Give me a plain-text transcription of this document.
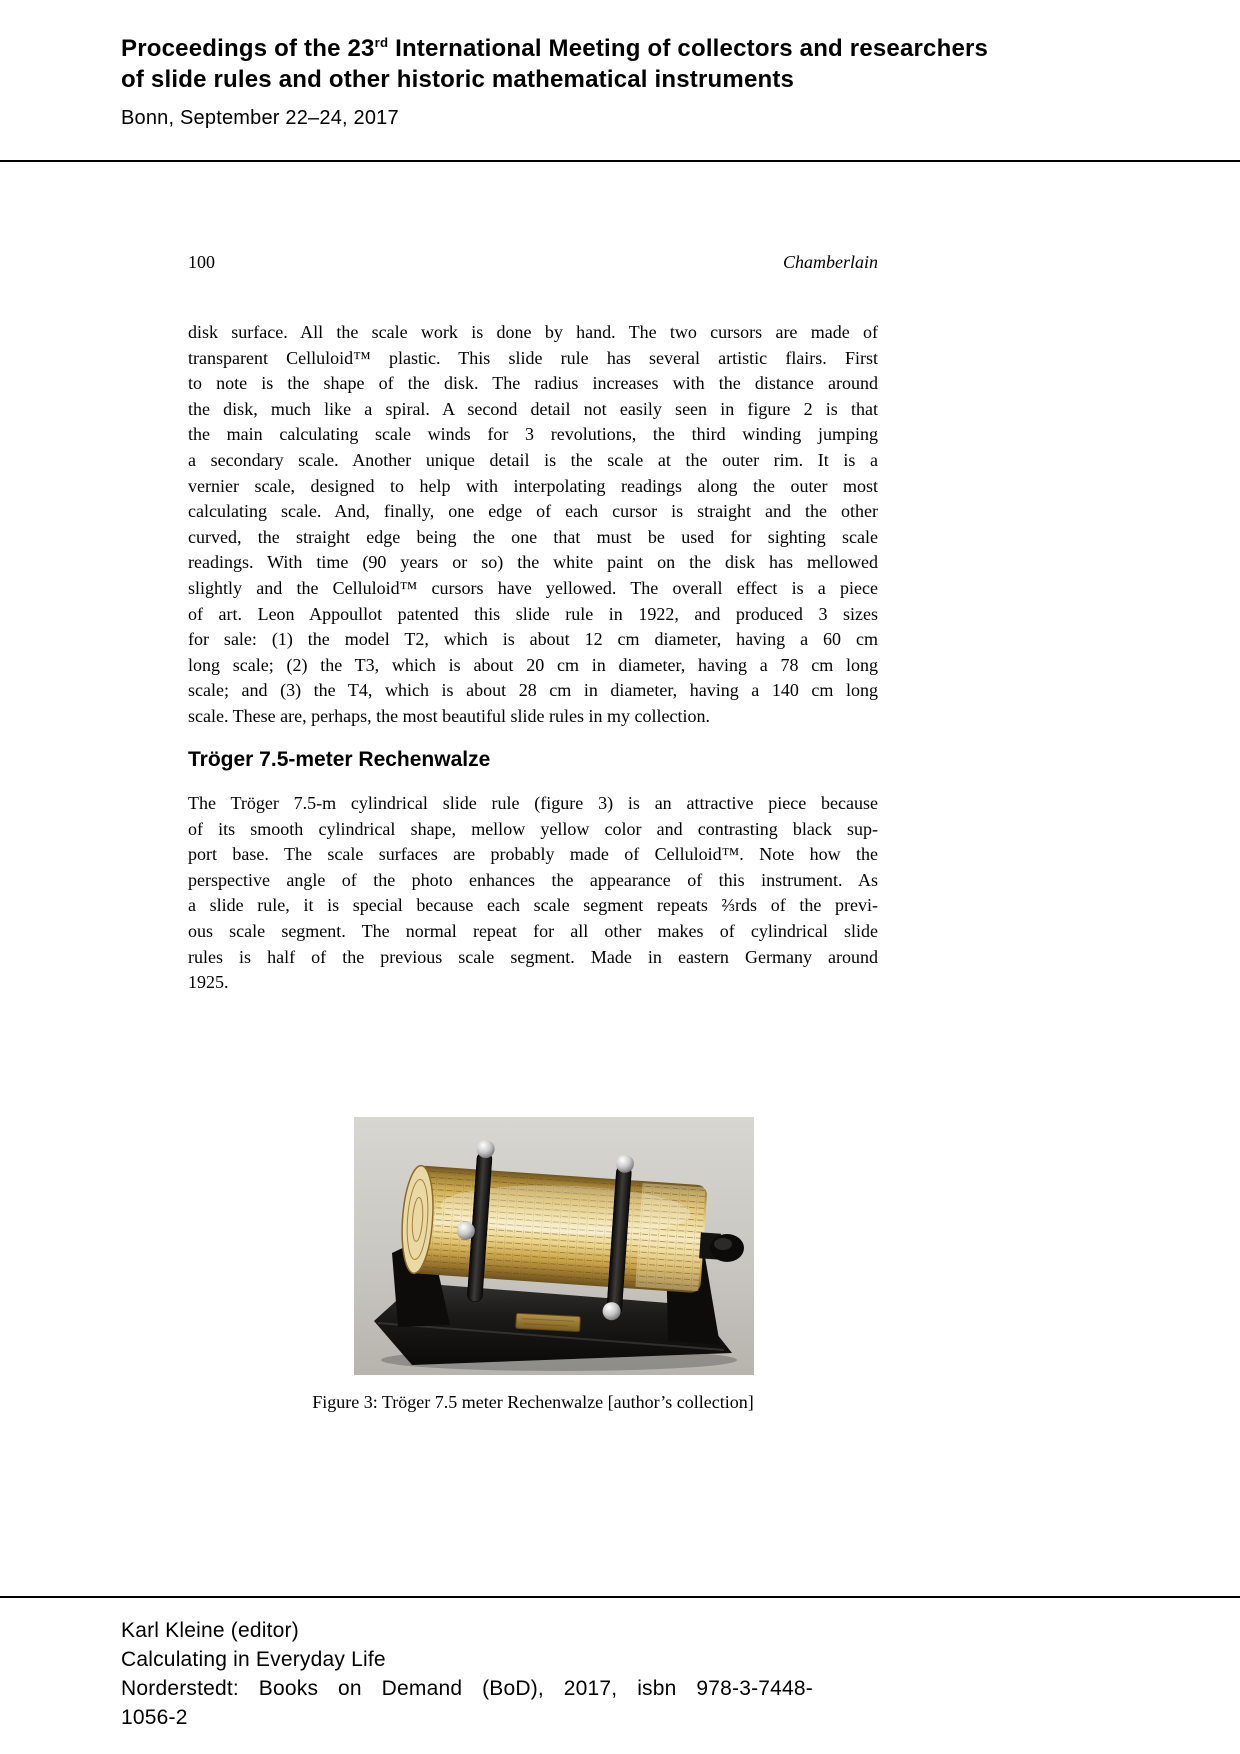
Proceedings of the 23rd International Meeting of collectors and researchers
of slide rules and other historic mathematical instruments
Bonn, September 22–24, 2017
100	Chamberlain
disk surface. All the scale work is done by hand. The two cursors are made of
transparent Celluloid™ plastic. This slide rule has several artistic flairs. First
to note is the shape of the disk. The radius increases with the distance around
the disk, much like a spiral. A second detail not easily seen in figure 2 is that
the main calculating scale winds for 3 revolutions, the third winding jumping
a secondary scale. Another unique detail is the scale at the outer rim. It is a
vernier scale, designed to help with interpolating readings along the outer most
calculating scale. And, finally, one edge of each cursor is straight and the other
curved, the straight edge being the one that must be used for sighting scale
readings. With time (90 years or so) the white paint on the disk has mellowed
slightly and the Celluloid™ cursors have yellowed. The overall effect is a piece
of art. Leon Appoullot patented this slide rule in 1922, and produced 3 sizes
for sale: (1) the model T2, which is about 12 cm diameter, having a 60 cm
long scale; (2) the T3, which is about 20 cm in diameter, having a 78 cm long
scale; and (3) the T4, which is about 28 cm in diameter, having a 140 cm long
scale. These are, perhaps, the most beautiful slide rules in my collection.
Tröger 7.5-meter Rechenwalze
The Tröger 7.5-m cylindrical slide rule (figure 3) is an attractive piece because
of its smooth cylindrical shape, mellow yellow color and contrasting black sup-
port base. The scale surfaces are probably made of Celluloid™. Note how the
perspective angle of the photo enhances the appearance of this instrument. As
a slide rule, it is special because each scale segment repeats ⅔rds of the previ-
ous scale segment. The normal repeat for all other makes of cylindrical slide
rules is half of the previous scale segment. Made in eastern Germany around
1925.
Figure 3: Tröger 7.5 meter Rechenwalze [author’s collection]
Karl Kleine (editor)
Calculating in Everyday Life
Norderstedt: Books on Demand (BoD), 2017, isbn 978-3-7448-
1056-2
